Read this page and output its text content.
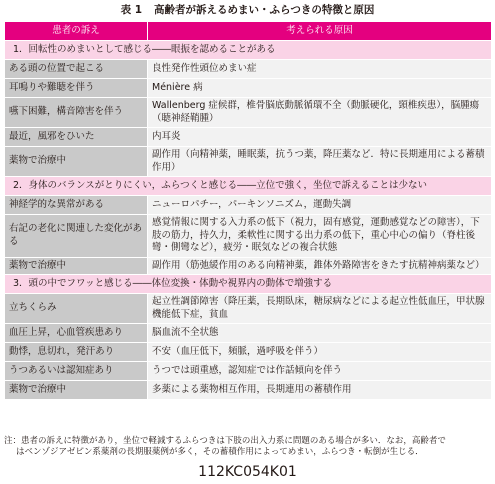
表 1 高齢者が訴えるめまい・ふらつきの特徴と原因
患者の訴え	考えられる原因
1．回転性のめまいとして感じる――眼振を認めることがある	
ある頭の位置で起こる	良性発作性頭位めまい症
耳鳴りや難聴を伴う	Ménière 病
嚥下困難，構音障害を伴う	Wallenberg 症候群，椎骨脳底動脈循環不全（動脈硬化，頸椎疾患），脳腫瘍（聴神経鞘腫）
最近，風邪をひいた	内耳炎
薬物で治療中	副作用（向精神薬，睡眠薬，抗うつ薬，降圧薬など．特に長期連用による蓄積作用）
2．身体のバランスがとりにくい，ふらつくと感じる――立位で強く，坐位で訴えることは少ない	
神経学的な異常がある	ニューロパチー，パーキンソニズム，運動失調
右記の老化に関連した変化がある	感覚情報に関する入力系の低下（視力，固有感覚，運動感覚などの障害），下肢の筋力，持久力，柔軟性に関する出力系の低下，重心中心の偏り（脊柱後彎・側彎など），疲労・眠気などの複合状態
薬物で治療中	副作用（筋弛緩作用のある向精神薬，錐体外路障害をきたす抗精神病薬など）
3．頭の中でフワッと感じる――体位変換・体動や視界内の動体で増強する	
立ちくらみ	起立性調節障害（降圧薬，長期臥床，糖尿病などによる起立性低血圧，甲状腺機能低下症，貧血
血圧上昇，心血管疾患あり	脳血流不全状態
動悸，息切れ，発汗あり	不安（血圧低下，頻脈，過呼吸を伴う）
うつあるいは認知症あり	うつでは頭重感，認知症では作話傾向を伴う
薬物で治療中	多薬による薬物相互作用，長期連用の蓄積作用
注：患者の訴えに特徴があり，坐位で軽減するふらつきは下肢の出入力系に問題のある場合が多い．なお，高齢者で
はベンゾジアゼピン系薬剤の長期服薬例が多く，その蓄積作用によってめまい，ふらつき・転倒が生じる．
112KC054K01
